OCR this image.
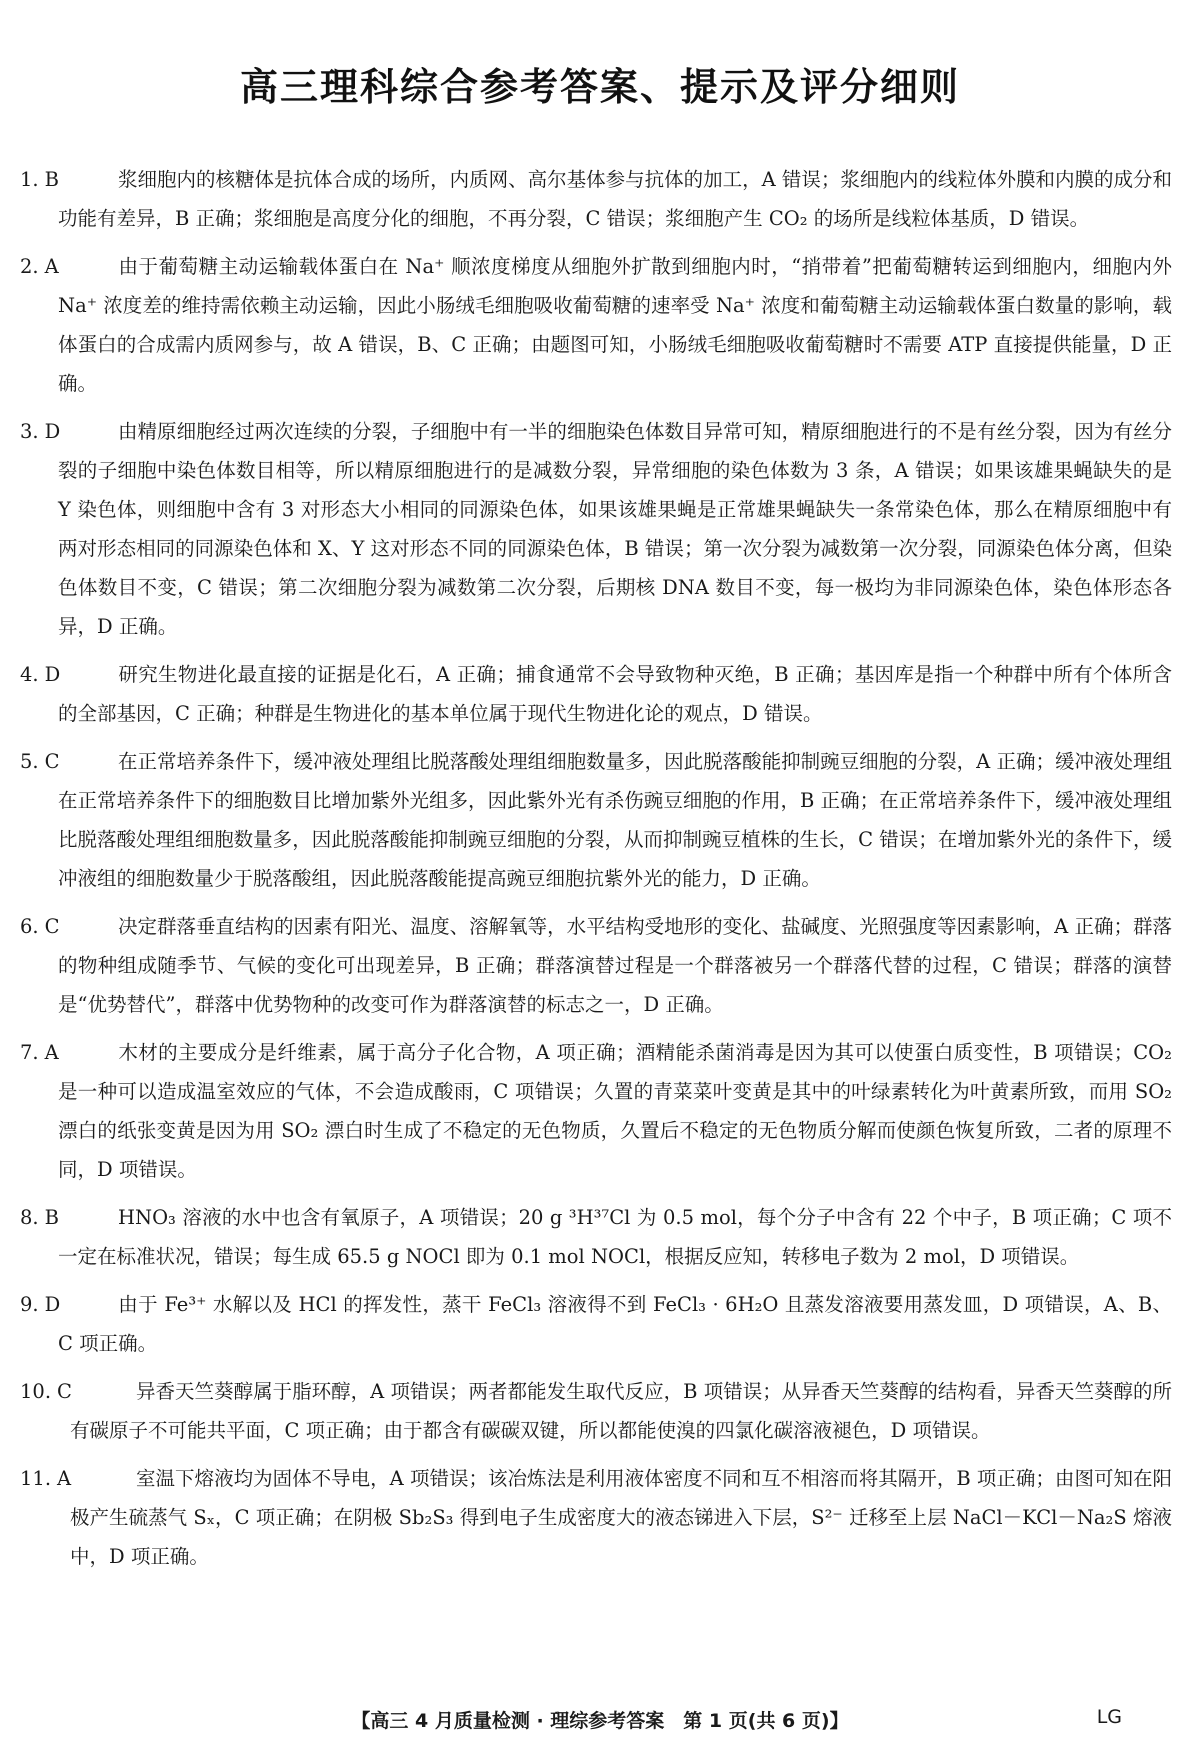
高三理科综合参考答案、提示及评分细则
1. B	浆细胞内的核糖体是抗体合成的场所，内质网、高尔基体参与抗体的加工，A 错误；浆细胞内的线粒体外膜和内膜的成分和功能有差异，B 正确；浆细胞是高度分化的细胞，不再分裂，C 错误；浆细胞产生 CO₂ 的场所是线粒体基质，D 错误。
2. A	由于葡萄糖主动运输载体蛋白在 Na⁺ 顺浓度梯度从细胞外扩散到细胞内时，“捎带着”把葡萄糖转运到细胞内，细胞内外 Na⁺ 浓度差的维持需依赖主动运输，因此小肠绒毛细胞吸收葡萄糖的速率受 Na⁺ 浓度和葡萄糖主动运输载体蛋白数量的影响，载体蛋白的合成需内质网参与，故 A 错误，B、C 正确；由题图可知，小肠绒毛细胞吸收葡萄糖时不需要 ATP 直接提供能量，D 正确。
3. D	由精原细胞经过两次连续的分裂，子细胞中有一半的细胞染色体数目异常可知，精原细胞进行的不是有丝分裂，因为有丝分裂的子细胞中染色体数目相等，所以精原细胞进行的是减数分裂，异常细胞的染色体数为 3 条，A 错误；如果该雄果蝇缺失的是 Y 染色体，则细胞中含有 3 对形态大小相同的同源染色体，如果该雄果蝇是正常雄果蝇缺失一条常染色体，那么在精原细胞中有两对形态相同的同源染色体和 X、Y 这对形态不同的同源染色体，B 错误；第一次分裂为减数第一次分裂，同源染色体分离，但染色体数目不变，C 错误；第二次细胞分裂为减数第二次分裂，后期核 DNA 数目不变，每一极均为非同源染色体，染色体形态各异，D 正确。
4. D	研究生物进化最直接的证据是化石，A 正确；捕食通常不会导致物种灭绝，B 正确；基因库是指一个种群中所有个体所含的全部基因，C 正确；种群是生物进化的基本单位属于现代生物进化论的观点，D 错误。
5. C	在正常培养条件下，缓冲液处理组比脱落酸处理组细胞数量多，因此脱落酸能抑制豌豆细胞的分裂，A 正确；缓冲液处理组在正常培养条件下的细胞数目比增加紫外光组多，因此紫外光有杀伤豌豆细胞的作用，B 正确；在正常培养条件下，缓冲液处理组比脱落酸处理组细胞数量多，因此脱落酸能抑制豌豆细胞的分裂，从而抑制豌豆植株的生长，C 错误；在增加紫外光的条件下，缓冲液组的细胞数量少于脱落酸组，因此脱落酸能提高豌豆细胞抗紫外光的能力，D 正确。
6. C	决定群落垂直结构的因素有阳光、温度、溶解氧等，水平结构受地形的变化、盐碱度、光照强度等因素影响，A 正确；群落的物种组成随季节、气候的变化可出现差异，B 正确；群落演替过程是一个群落被另一个群落代替的过程，C 错误；群落的演替是“优势替代”，群落中优势物种的改变可作为群落演替的标志之一，D 正确。
7. A	木材的主要成分是纤维素，属于高分子化合物，A 项正确；酒精能杀菌消毒是因为其可以使蛋白质变性，B 项错误；CO₂ 是一种可以造成温室效应的气体，不会造成酸雨，C 项错误；久置的青菜菜叶变黄是其中的叶绿素转化为叶黄素所致，而用 SO₂ 漂白的纸张变黄是因为用 SO₂ 漂白时生成了不稳定的无色物质，久置后不稳定的无色物质分解而使颜色恢复所致，二者的原理不同，D 项错误。
8. B	HNO₃ 溶液的水中也含有氧原子，A 项错误；20 g ³H³⁷Cl 为 0.5 mol，每个分子中含有 22 个中子，B 项正确；C 项不一定在标准状况，错误；每生成 65.5 g NOCl 即为 0.1 mol NOCl，根据反应知，转移电子数为 2 mol，D 项错误。
9. D	由于 Fe³⁺ 水解以及 HCl 的挥发性，蒸干 FeCl₃ 溶液得不到 FeCl₃ · 6H₂O 且蒸发溶液要用蒸发皿，D 项错误，A、B、C 项正确。
10. C	异香天竺葵醇属于脂环醇，A 项错误；两者都能发生取代反应，B 项错误；从异香天竺葵醇的结构看，异香天竺葵醇的所有碳原子不可能共平面，C 项正确；由于都含有碳碳双键，所以都能使溴的四氯化碳溶液褪色，D 项错误。
11. A	室温下熔液均为固体不导电，A 项错误；该冶炼法是利用液体密度不同和互不相溶而将其隔开，B 项正确；由图可知在阳极产生硫蒸气 Sₓ，C 项正确；在阴极 Sb₂S₃ 得到电子生成密度大的液态锑进入下层，S²⁻ 迁移至上层 NaCl－KCl－Na₂S 熔液中，D 项正确。
【高三 4 月质量检测 · 理综参考答案　第 1 页(共 6 页)】	LG
